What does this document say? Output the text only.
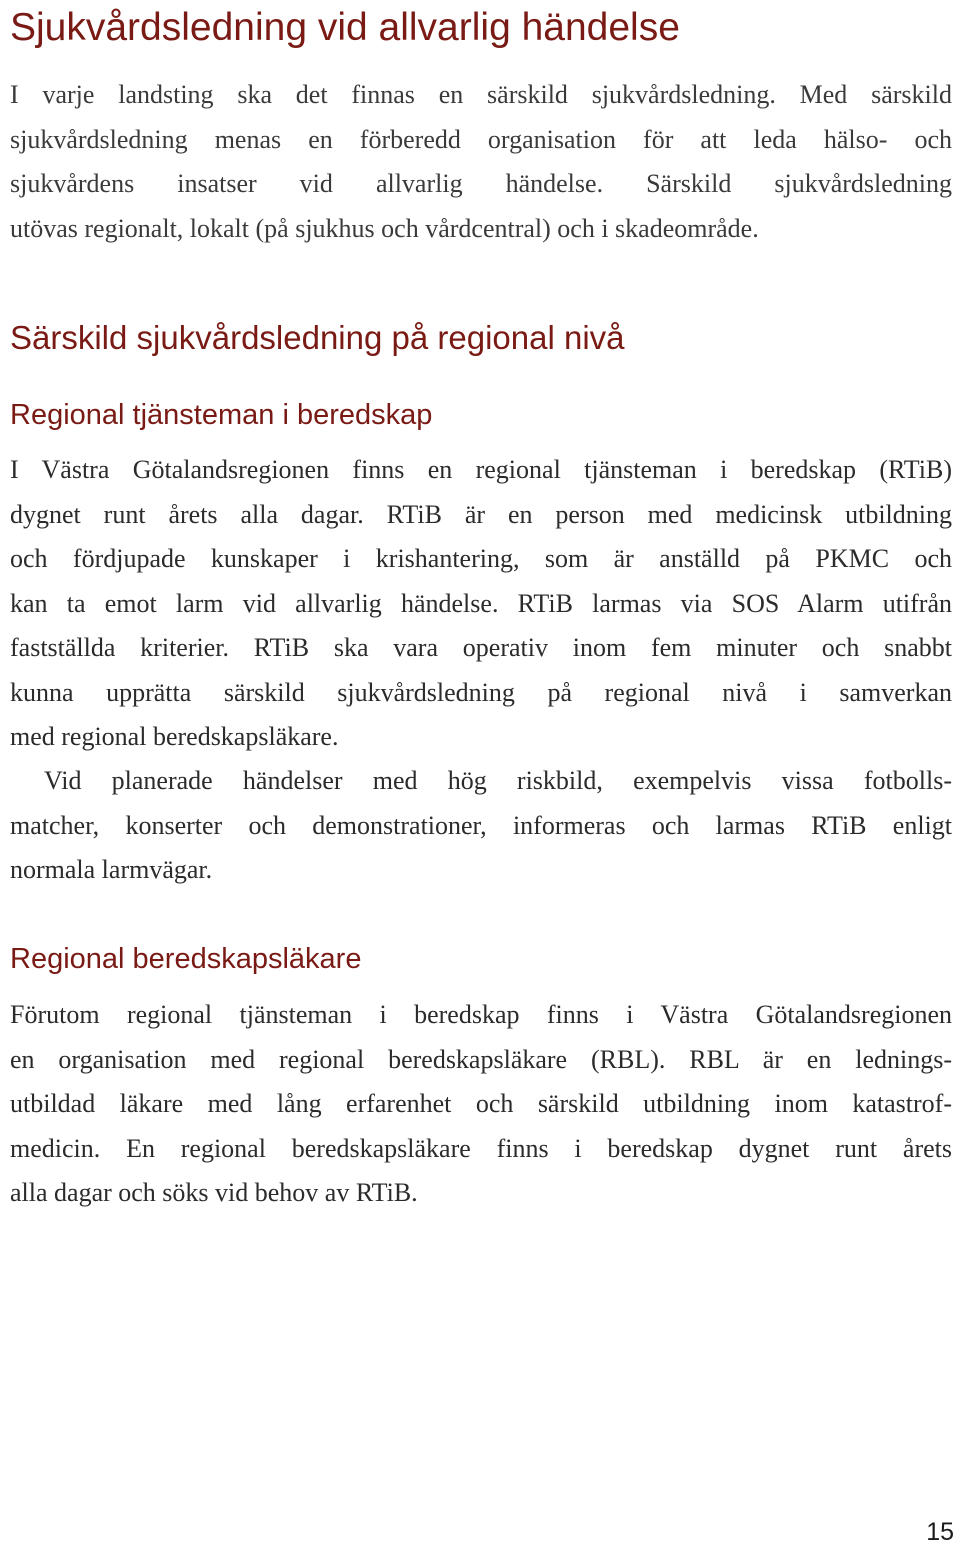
Sjukvårdsledning vid allvarlig händelse

I varje landsting ska det finnas en särskild sjukvårdsledning. Med särskild
sjukvårdsledning menas en förberedd organisation för att leda hälso- och
sjukvårdens insatser vid allvarlig händelse. Särskild sjukvårdsledning
utövas regionalt, lokalt (på sjukhus och vårdcentral) och i skadeområde.

Särskild sjukvårdsledning på regional nivå
Regional tjänsteman i beredskap

I Västra Götalandsregionen finns en regional tjänsteman i beredskap (RTiB)
dygnet runt årets alla dagar. RTiB är en person med medicinsk utbildning
och fördjupade kunskaper i krishantering, som är anställd på PKMC och
kan ta emot larm vid allvarlig händelse. RTiB larmas via SOS Alarm utifrån
fastställda kriterier. RTiB ska vara operativ inom fem minuter och snabbt
kunna upprätta särskild sjukvårdsledning på regional nivå i samverkan
med regional beredskapsläkare.

Vid planerade händelser med hög riskbild, exempelvis vissa fotbolls-
matcher, konserter och demonstrationer, informeras och larmas RTiB enligt
normala larmvägar.

Regional beredskapsläkare

Förutom regional tjänsteman i beredskap finns i Västra Götalandsregionen
en organisation med regional beredskapsläkare (RBL). RBL är en lednings-
utbildad läkare med lång erfarenhet och särskild utbildning inom katastrof-
medicin. En regional beredskapsläkare finns i beredskap dygnet runt årets
alla dagar och söks vid behov av RTiB.

15
